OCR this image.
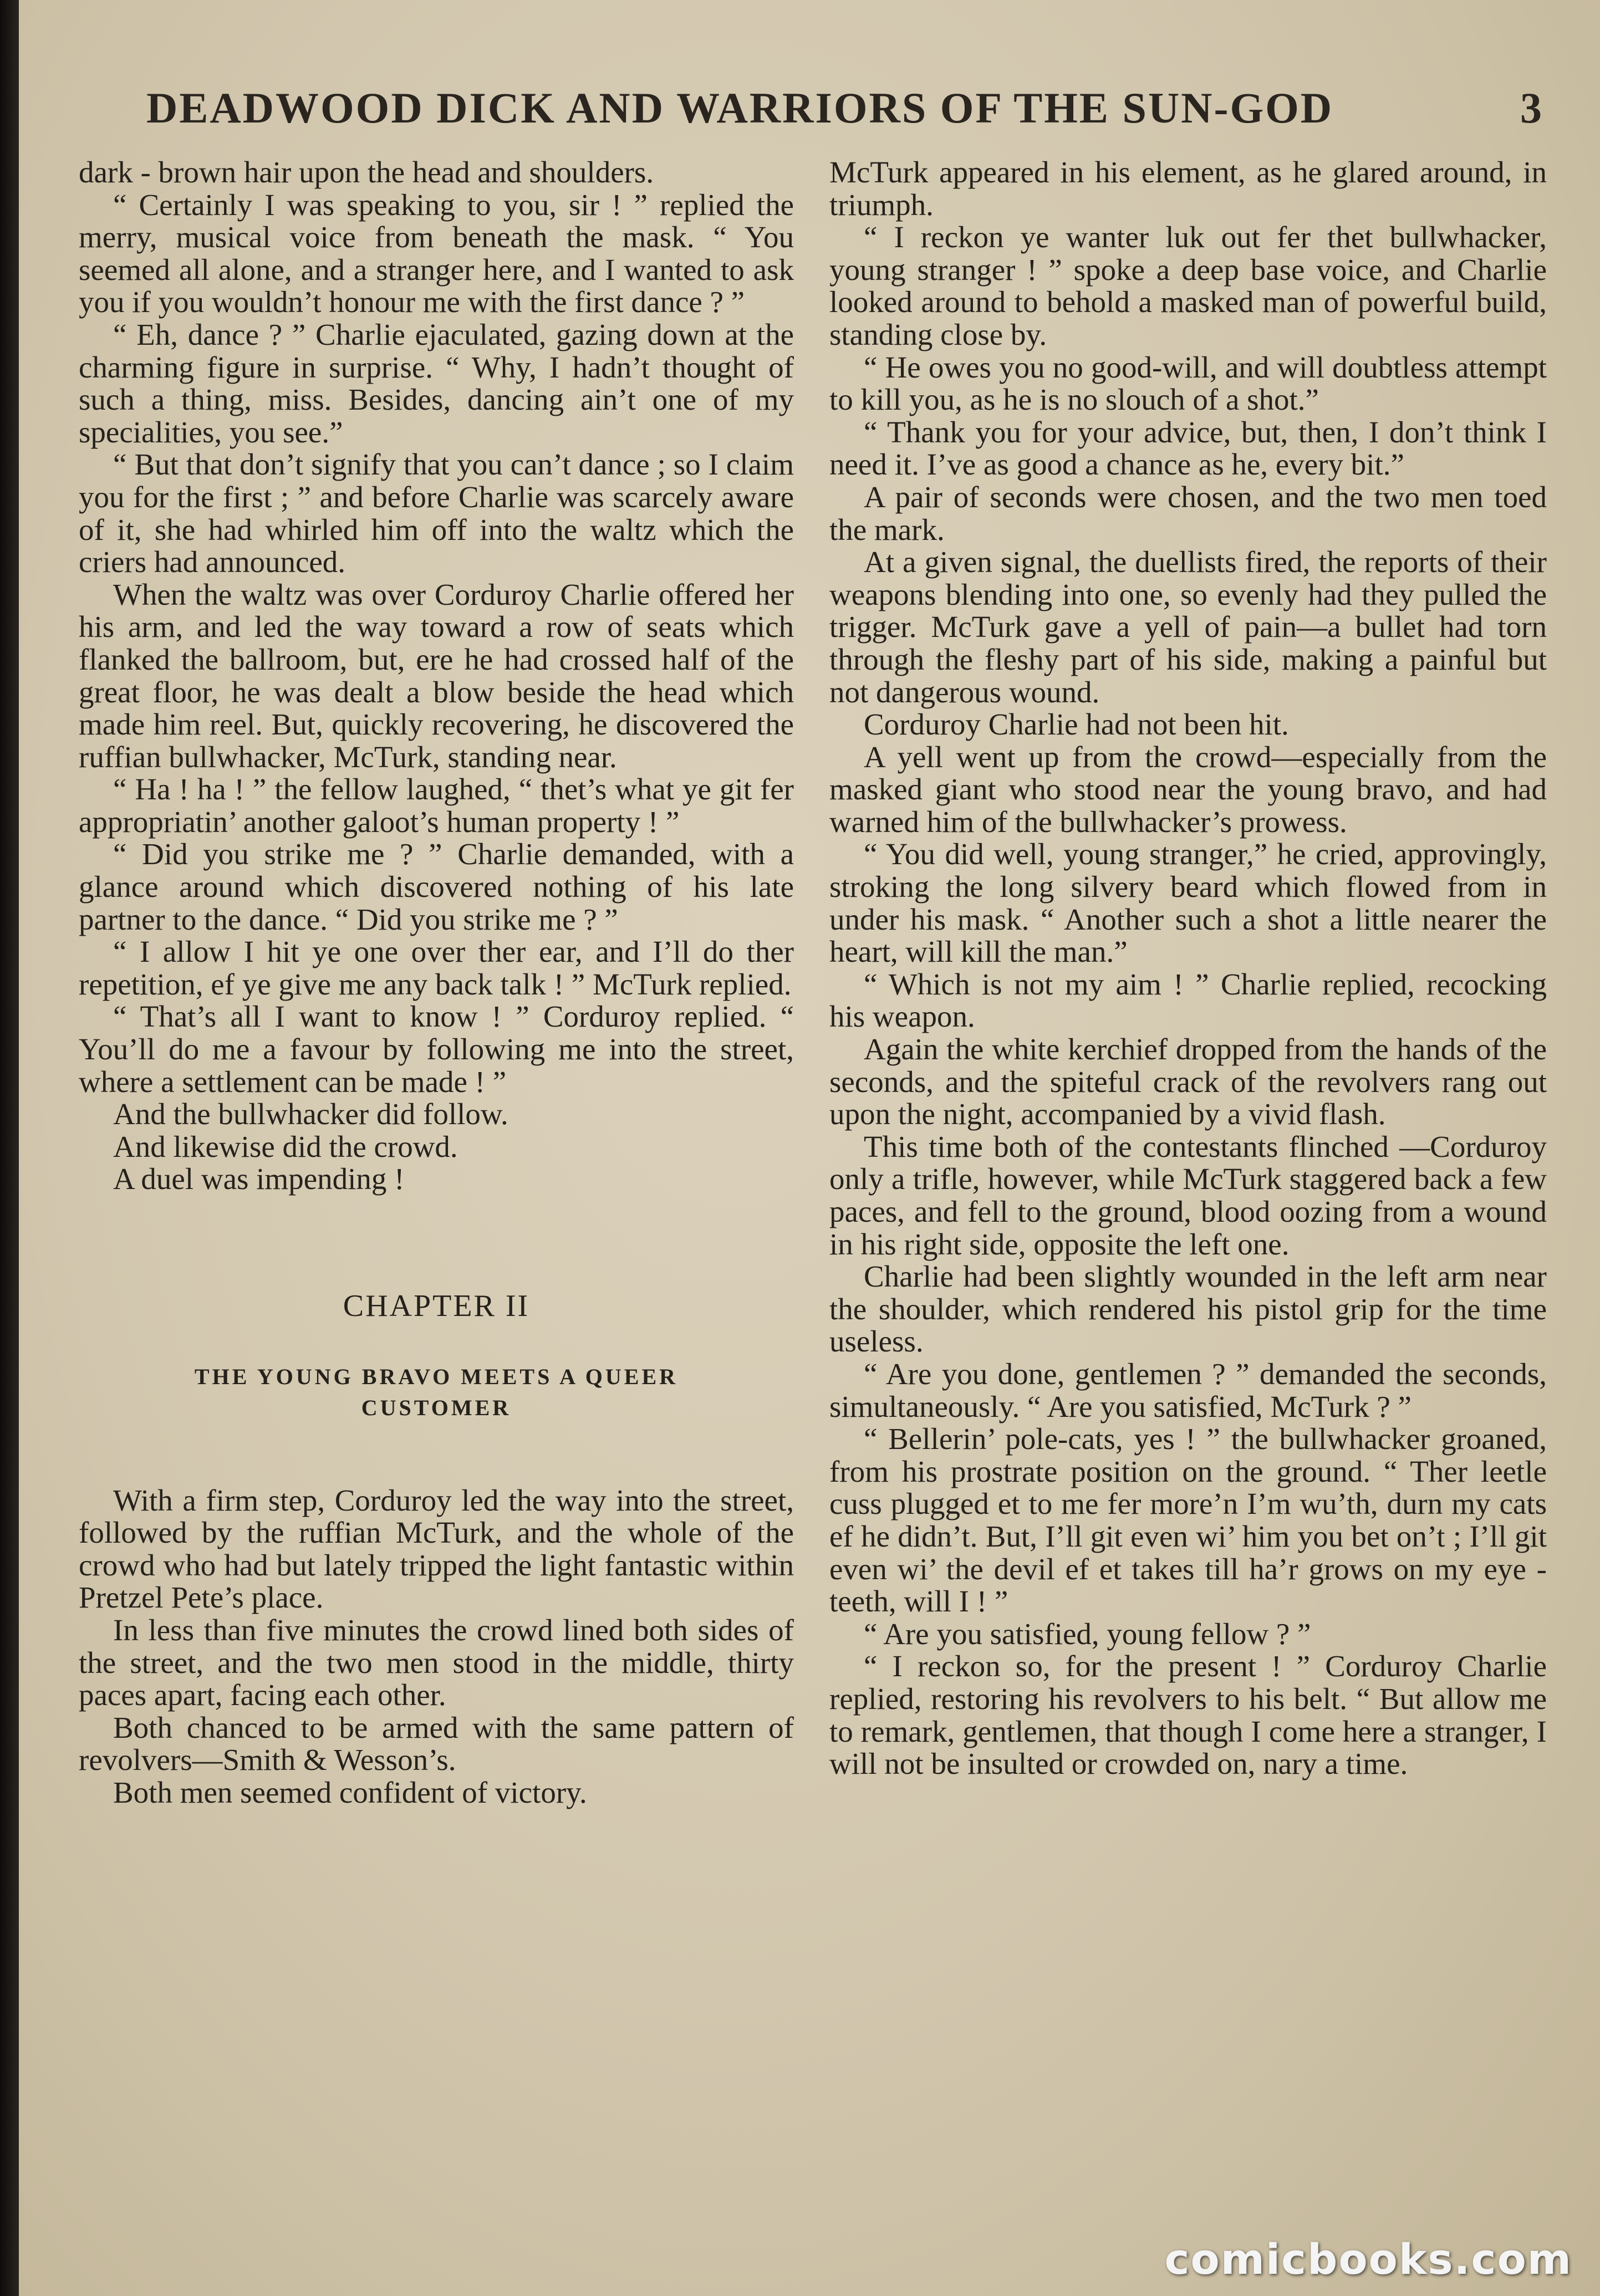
DEADWOOD DICK AND WARRIORS OF THE SUN-GOD	3

dark - brown hair upon the head and shoulders.

“ Certainly I was speaking to you, sir ! ” replied the merry, musical voice from beneath the mask. “ You seemed all alone, and a stranger here, and I wanted to ask you if you wouldn’t honour me with the first dance ? ”

“ Eh, dance ? ” Charlie ejaculated, gazing down at the charming figure in surprise. “ Why, I hadn’t thought of such a thing, miss. Besides, dancing ain’t one of my specialities, you see.”

“ But that don’t signify that you can’t dance ; so I claim you for the first ; ” and before Charlie was scarcely aware of it, she had whirled him off into the waltz which the criers had announced.

When the waltz was over Corduroy Charlie offered her his arm, and led the way toward a row of seats which flanked the ballroom, but, ere he had crossed half of the great floor, he was dealt a blow beside the head which made him reel. But, quickly recovering, he discovered the ruffian bullwhacker, McTurk, standing near.

“ Ha ! ha ! ” the fellow laughed, “ thet’s what ye git fer appropriatin’ another galoot’s human property ! ”

“ Did you strike me ? ” Charlie demanded, with a glance around which discovered nothing of his late partner to the dance. “ Did you strike me ? ”

“ I allow I hit ye one over ther ear, and I’ll do ther repetition, ef ye give me any back talk ! ” McTurk replied.

“ That’s all I want to know ! ” Corduroy replied. “ You’ll do me a favour by following me into the street, where a settlement can be made ! ”

And the bullwhacker did follow.

And likewise did the crowd.

A duel was impending !

CHAPTER II

THE YOUNG BRAVO MEETS A QUEER CUSTOMER

With a firm step, Corduroy led the way into the street, followed by the ruffian McTurk, and the whole of the crowd who had but lately tripped the light fantastic within Pretzel Pete’s place.

In less than five minutes the crowd lined both sides of the street, and the two men stood in the middle, thirty paces apart, facing each other.

Both chanced to be armed with the same pattern of revolvers—Smith & Wesson’s.

Both men seemed confident of victory.

McTurk appeared in his element, as he glared around, in triumph.

“ I reckon ye wanter luk out fer thet bullwhacker, young stranger ! ” spoke a deep base voice, and Charlie looked around to behold a masked man of powerful build, standing close by.

“ He owes you no good-will, and will doubtless attempt to kill you, as he is no slouch of a shot.”

“ Thank you for your advice, but, then, I don’t think I need it. I’ve as good a chance as he, every bit.”

A pair of seconds were chosen, and the two men toed the mark.

At a given signal, the duellists fired, the reports of their weapons blending into one, so evenly had they pulled the trigger. McTurk gave a yell of pain—a bullet had torn through the fleshy part of his side, making a painful but not dangerous wound.

Corduroy Charlie had not been hit.

A yell went up from the crowd—especially from the masked giant who stood near the young bravo, and had warned him of the bullwhacker’s prowess.

“ You did well, young stranger,” he cried, approvingly, stroking the long silvery beard which flowed from in under his mask. “ Another such a shot a little nearer the heart, will kill the man.”

“ Which is not my aim ! ” Charlie replied, recocking his weapon.

Again the white kerchief dropped from the hands of the seconds, and the spiteful crack of the revolvers rang out upon the night, accompanied by a vivid flash.

This time both of the contestants flinched —Corduroy only a trifle, however, while McTurk staggered back a few paces, and fell to the ground, blood oozing from a wound in his right side, opposite the left one.

Charlie had been slightly wounded in the left arm near the shoulder, which rendered his pistol grip for the time useless.

“ Are you done, gentlemen ? ” demanded the seconds, simultaneously. “ Are you satisfied, McTurk ? ”

“ Bellerin’ pole-cats, yes ! ” the bullwhacker groaned, from his prostrate position on the ground. “ Ther leetle cuss plugged et to me fer more’n I’m wu’th, durn my cats ef he didn’t. But, I’ll git even wi’ him you bet on’t ; I’ll git even wi’ the devil ef et takes till ha’r grows on my eye - teeth, will I ! ”

“ Are you satisfied, young fellow ? ”

“ I reckon so, for the present ! ” Corduroy Charlie replied, restoring his revolvers to his belt. “ But allow me to remark, gentlemen, that though I come here a stranger, I will not be insulted or crowded on, nary a time.

comicbooks.com
